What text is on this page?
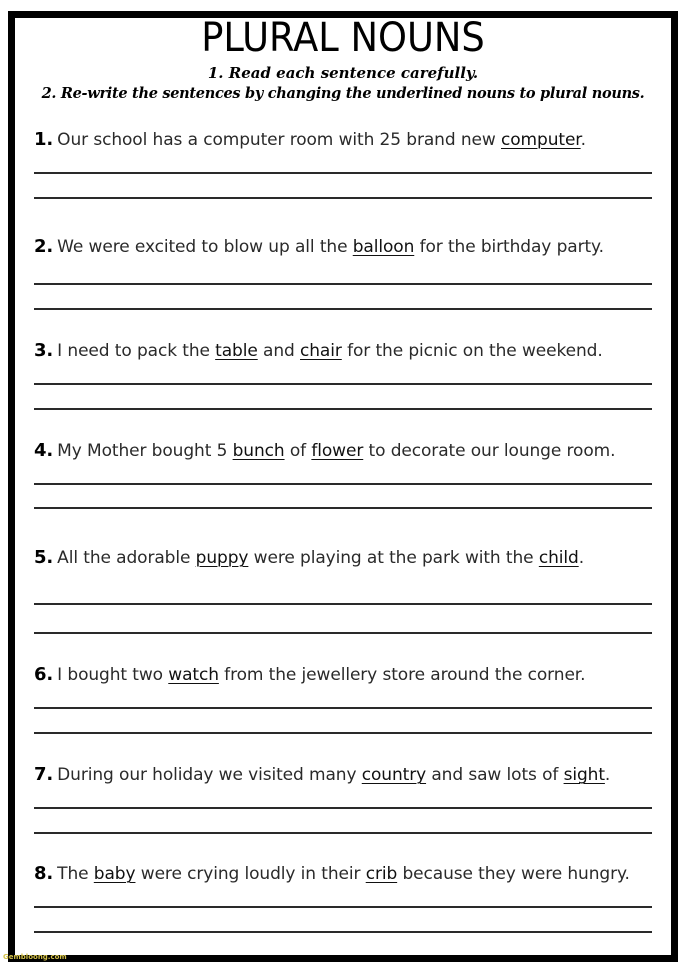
PLURAL NOUNS
1. Read each sentence carefully.
2. Re-write the sentences by changing the underlined nouns to plural nouns.
1. Our school has a computer room with 25 brand new computer.
2. We were excited to blow up all the balloon for the birthday party.
3. I need to pack the table and chair for the picnic on the weekend.
4. My Mother bought 5 bunch of flower to decorate our lounge room.
5. All the adorable puppy were playing at the park with the child.
6. I bought two watch from the jewellery store around the corner.
7. During our holiday we visited many country and saw lots of sight.
8. The baby were crying loudly in their crib because they were hungry.
Gembloong.com
